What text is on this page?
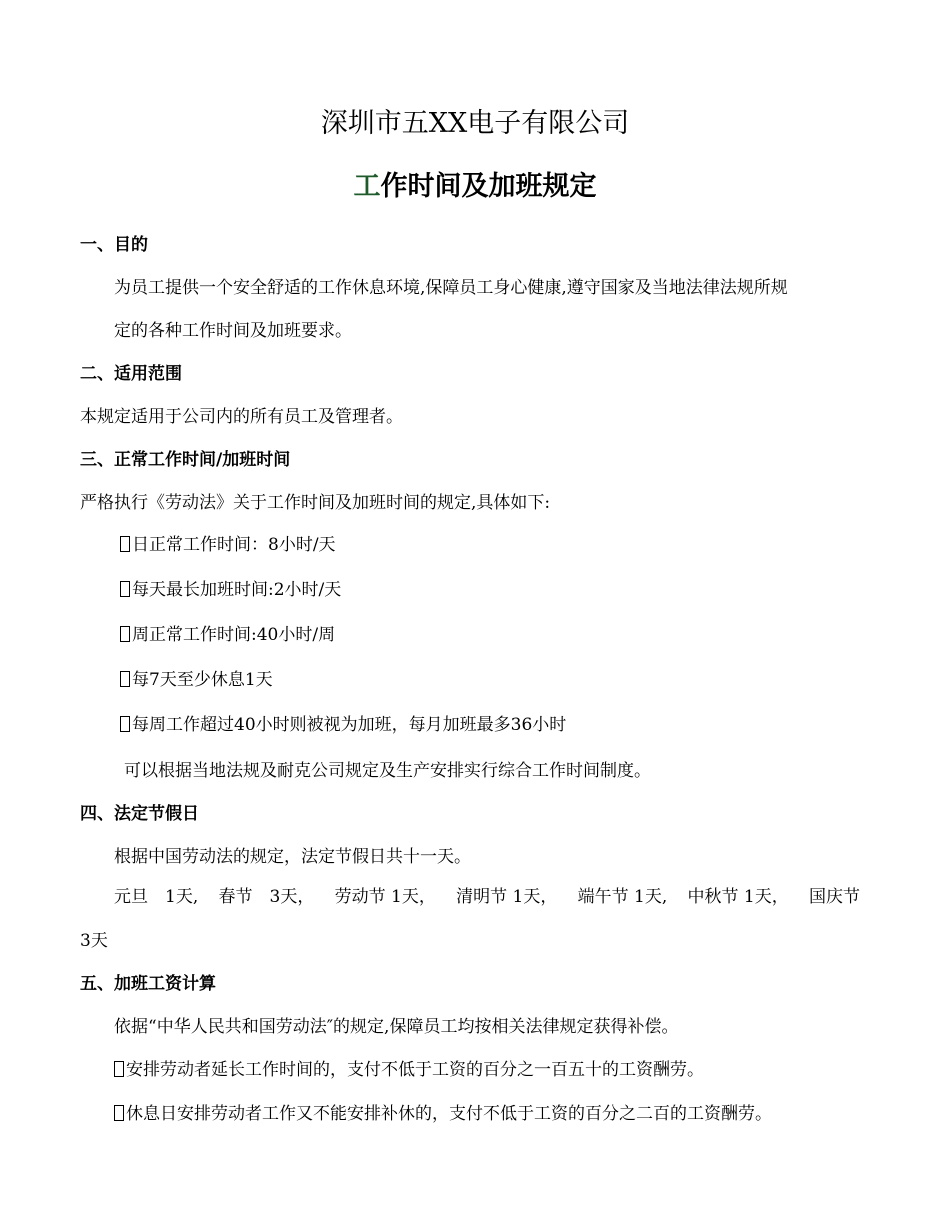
深圳市五XX电子有限公司
工作时间及加班规定
一、目的
为员工提供一个安全舒适的工作休息环境,保障员工身心健康,遵守国家及当地法律法规所规
定的各种工作时间及加班要求。
二、适用范围
本规定适用于公司内的所有员工及管理者。
三、正常工作时间/加班时间
严格执行《劳动法》关于工作时间及加班时间的规定,具体如下:
日正常工作时间：8小时/天
每天最长加班时间:2小时/天
周正常工作时间:40小时/周
每7天至少休息1天
每周工作超过40小时则被视为加班，每月加班最多36小时
可以根据当地法规及耐克公司规定及生产安排实行综合工作时间制度。
四、法定节假日
根据中国劳动法的规定，法定节假日共十一天。
元旦　1天, 春节　3天， 劳动节 1天， 清明节 1天， 端午节 1天, 中秋节 1天， 国庆节
3天
五、加班工资计算
依据“中华人民共和国劳动法″的规定,保障员工均按相关法律规定获得补偿。
安排劳动者延长工作时间的，支付不低于工资的百分之一百五十的工资酬劳。
休息日安排劳动者工作又不能安排补休的，支付不低于工资的百分之二百的工资酬劳。
